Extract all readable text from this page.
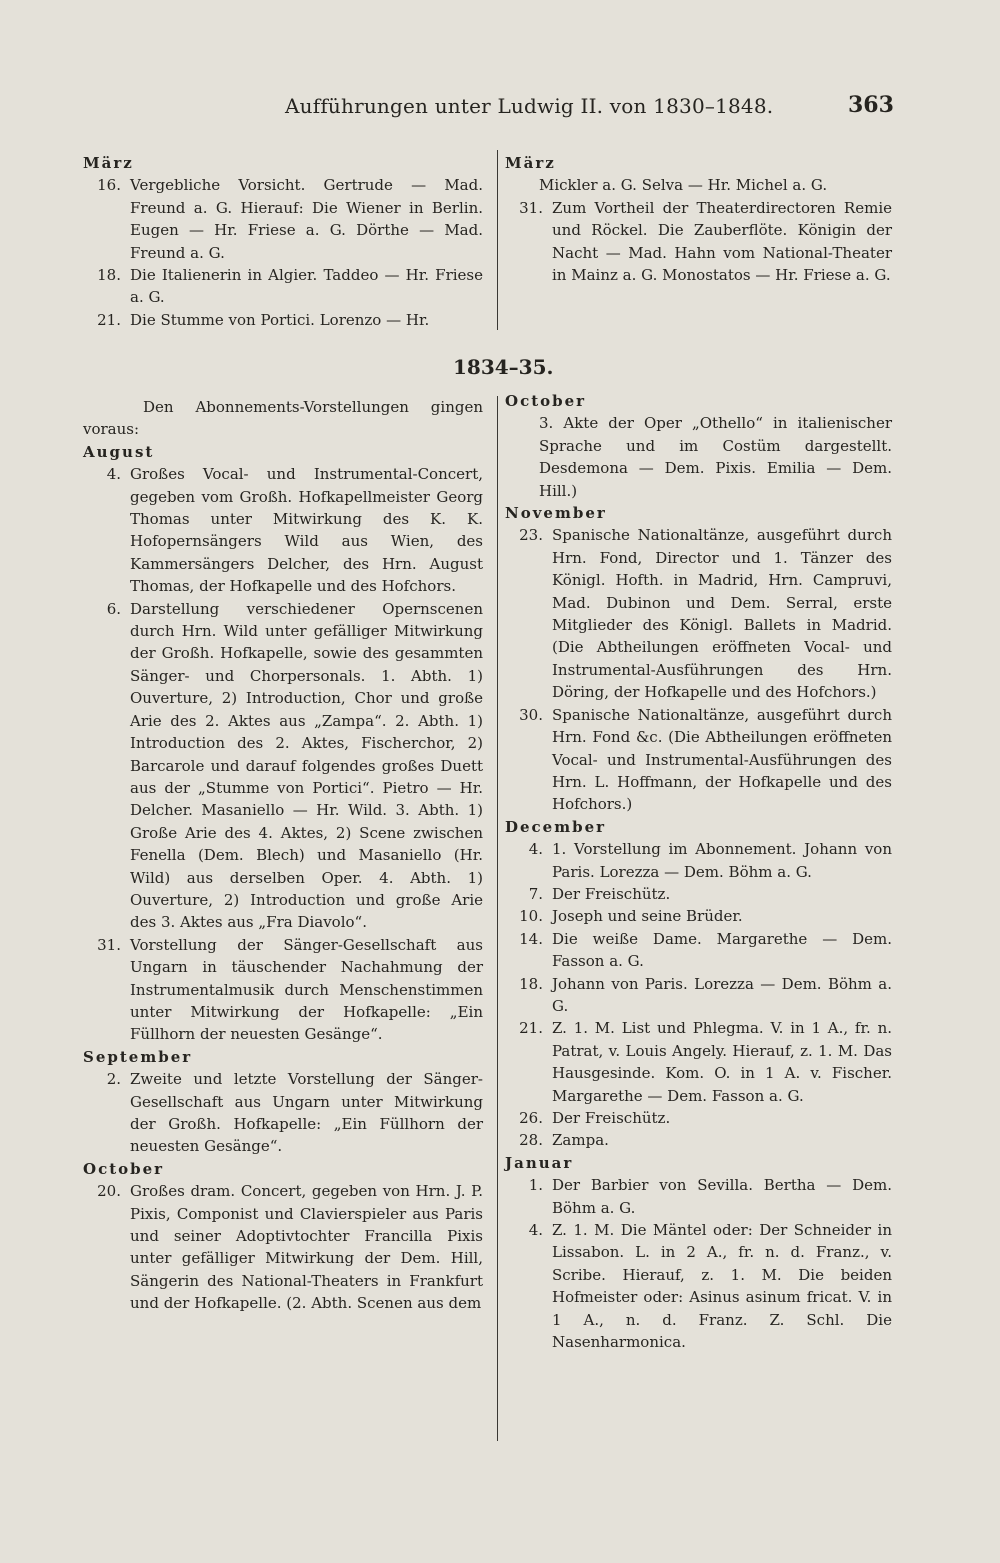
Aufführungen unter Ludwig II. von 1830–1848.	363
März
16. Vergebliche Vorsicht. Gertrude — Mad. Freund a. G. Hierauf: Die Wiener in Berlin. Eugen — Hr. Friese a. G. Dörthe — Mad. Freund a. G.
18. Die Italienerin in Algier. Taddeo — Hr. Friese a. G.
21. Die Stumme von Portici. Lorenzo — Hr.
März
Mickler a. G. Selva — Hr. Michel a. G.
31. Zum Vortheil der Theaterdirectoren Remie und Röckel. Die Zauberflöte. Königin der Nacht — Mad. Hahn vom National-Theater in Mainz a. G. Monostatos — Hr. Friese a. G.
1834–35.

Den Abonnements-Vorstellungen gingen voraus:

August
4. Großes Vocal- und Instrumental-Concert, gegeben vom Großh. Hofkapellmeister Georg Thomas unter Mitwirkung des K. K. Hofopernsängers Wild aus Wien, des Kammersängers Delcher, des Hrn. August Thomas, der Hofkapelle und des Hofchors.
6. Darstellung verschiedener Opernscenen durch Hrn. Wild unter gefälliger Mitwirkung der Großh. Hofkapelle, sowie des gesammten Sänger- und Chorpersonals. 1. Abth. 1) Ouverture, 2) Introduction, Chor und große Arie des 2. Aktes aus „Zampa“. 2. Abth. 1) Introduction des 2. Aktes, Fischerchor, 2) Barcarole und darauf folgendes großes Duett aus der „Stumme von Portici“. Pietro — Hr. Delcher. Masaniello — Hr. Wild. 3. Abth. 1) Große Arie des 4. Aktes, 2) Scene zwischen Fenella (Dem. Blech) und Masaniello (Hr. Wild) aus derselben Oper. 4. Abth. 1) Ouverture, 2) Introduction und große Arie des 3. Aktes aus „Fra Diavolo“.
31. Vorstellung der Sänger-Gesellschaft aus Ungarn in täuschender Nachahmung der Instrumentalmusik durch Menschenstimmen unter Mitwirkung der Hofkapelle: „Ein Füllhorn der neuesten Gesänge“.
September
2. Zweite und letzte Vorstellung der Sänger-Gesellschaft aus Ungarn unter Mitwirkung der Großh. Hofkapelle: „Ein Füllhorn der neuesten Gesänge“.
October
20. Großes dram. Concert, gegeben von Hrn. J. P. Pixis, Componist und Clavierspieler aus Paris und seiner Adoptivtochter Francilla Pixis unter gefälliger Mitwirkung der Dem. Hill, Sängerin des National-Theaters in Frankfurt und der Hofkapelle. (2. Abth. Scenen aus dem
October
3. Akte der Oper „Othello“ in italienischer Sprache und im Costüm dargestellt. Desdemona — Dem. Pixis. Emilia — Dem. Hill.)
November
23. Spanische Nationaltänze, ausgeführt durch Hrn. Fond, Director und 1. Tänzer des Königl. Hofth. in Madrid, Hrn. Campruvi, Mad. Dubinon und Dem. Serral, erste Mitglieder des Königl. Ballets in Madrid. (Die Abtheilungen eröffneten Vocal- und Instrumental-Ausführungen des Hrn. Döring, der Hofkapelle und des Hofchors.)
30. Spanische Nationaltänze, ausgeführt durch Hrn. Fond &c. (Die Abtheilungen eröffneten Vocal- und Instrumental-Ausführungen des Hrn. L. Hoffmann, der Hofkapelle und des Hofchors.)
December
4. 1. Vorstellung im Abonnement. Johann von Paris. Lorezza — Dem. Böhm a. G.
7. Der Freischütz.
10. Joseph und seine Brüder.
14. Die weiße Dame. Margarethe — Dem. Fasson a. G.
18. Johann von Paris. Lorezza — Dem. Böhm a. G.
21. Z. 1. M. List und Phlegma. V. in 1 A., fr. n. Patrat, v. Louis Angely. Hierauf, z. 1. M. Das Hausgesinde. Kom. O. in 1 A. v. Fischer. Margarethe — Dem. Fasson a. G.
26. Der Freischütz.
28. Zampa.
Januar
1. Der Barbier von Sevilla. Bertha — Dem. Böhm a. G.
4. Z. 1. M. Die Mäntel oder: Der Schneider in Lissabon. L. in 2 A., fr. n. d. Franz., v. Scribe. Hierauf, z. 1. M. Die beiden Hofmeister oder: Asinus asinum fricat. V. in 1 A., n. d. Franz. Z. Schl. Die Nasenharmonica.
